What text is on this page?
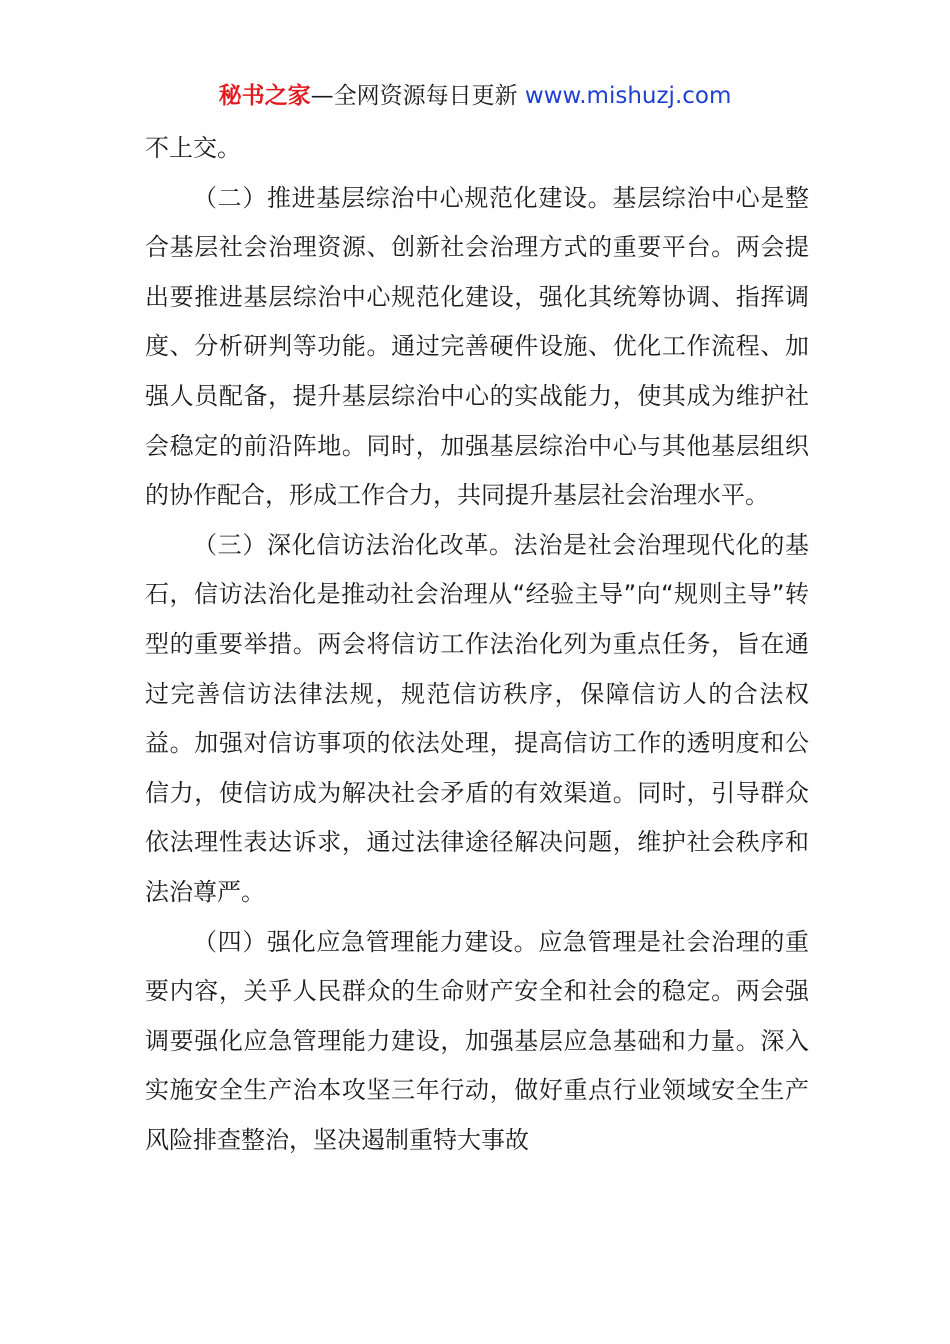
秘书之家—全网资源每日更新 www.mishuzj.com

不上交。

（二）推进基层综治中心规范化建设。基层综治中心是整合基层社会治理资源、创新社会治理方式的重要平台。两会提出要推进基层综治中心规范化建设，强化其统筹协调、指挥调度、分析研判等功能。通过完善硬件设施、优化工作流程、加强人员配备，提升基层综治中心的实战能力，使其成为维护社会稳定的前沿阵地。同时，加强基层综治中心与其他基层组织的协作配合，形成工作合力，共同提升基层社会治理水平。

（三）深化信访法治化改革。法治是社会治理现代化的基石，信访法治化是推动社会治理从“经验主导”向“规则主导”转型的重要举措。两会将信访工作法治化列为重点任务，旨在通过完善信访法律法规，规范信访秩序，保障信访人的合法权益。加强对信访事项的依法处理，提高信访工作的透明度和公信力，使信访成为解决社会矛盾的有效渠道。同时，引导群众依法理性表达诉求，通过法律途径解决问题，维护社会秩序和法治尊严。

（四）强化应急管理能力建设。应急管理是社会治理的重要内容，关乎人民群众的生命财产安全和社会的稳定。两会强调要强化应急管理能力建设，加强基层应急基础和力量。深入实施安全生产治本攻坚三年行动，做好重点行业领域安全生产风险排查整治，坚决遏制重特大事故
